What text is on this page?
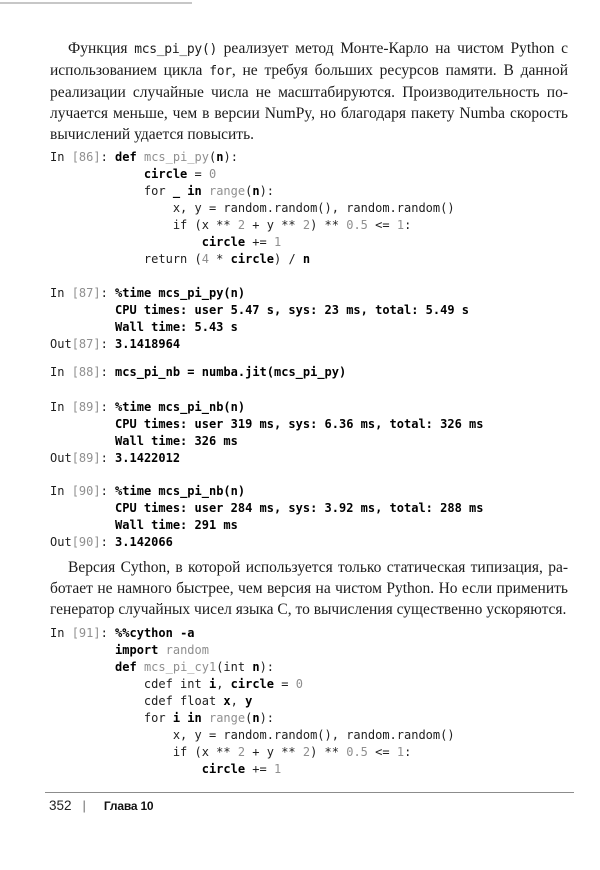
Функция mcs_pi_py() реализует метод Монте-Карло на чистом Python с
использованием цикла for, не требуя больших ресурсов памяти. В данной
реализации случайные числа не масштабируются. Производительность по-
лучается меньше, чем в версии NumPy, но благодаря пакету Numba скорость
вычислений удается повысить.
In [86]: def mcs_pi_py(n):
circle = 0
for _ in range(n):
x, y = random.random(), random.random()
if (x ** 2 + y ** 2) ** 0.5 <= 1:
circle += 1
return (4 * circle) / n
In [87]: %time mcs_pi_py(n)
CPU times: user 5.47 s, sys: 23 ms, total: 5.49 s
Wall time: 5.43 s
Out[87]: 3.1418964
In [88]: mcs_pi_nb = numba.jit(mcs_pi_py)
In [89]: %time mcs_pi_nb(n)
CPU times: user 319 ms, sys: 6.36 ms, total: 326 ms
Wall time: 326 ms
Out[89]: 3.1422012
In [90]: %time mcs_pi_nb(n)
CPU times: user 284 ms, sys: 3.92 ms, total: 288 ms
Wall time: 291 ms
Out[90]: 3.142066
Версия Cython, в которой используется только статическая типизация, ра-
ботает не намного быстрее, чем версия на чистом Python. Но если применить
генератор случайных чисел языка C, то вычисления существенно ускоряются.
In [91]: %%cython -a
import random
def mcs_pi_cy1(int n):
cdef int i, circle = 0
cdef float x, y
for i in range(n):
x, y = random.random(), random.random()
if (x ** 2 + y ** 2) ** 0.5 <= 1:
circle += 1
352 | Глава 10
